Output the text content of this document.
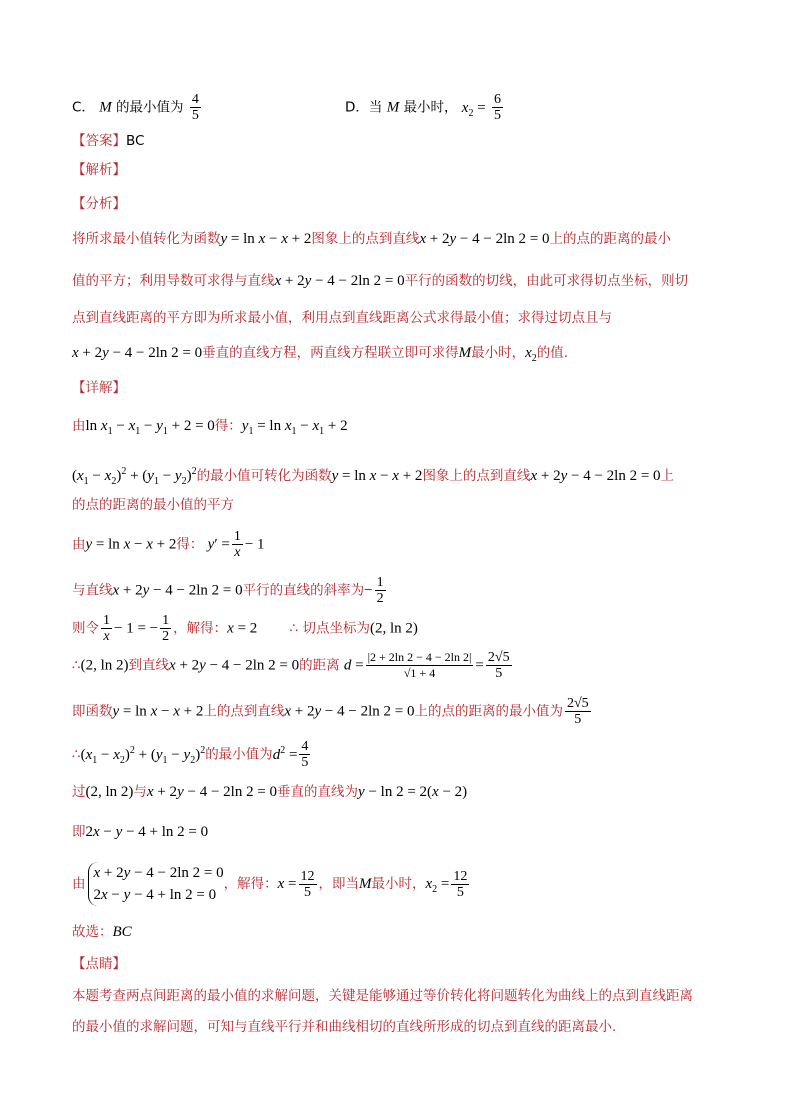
C． M 的最小值为 $\frac{4}{5}$	D．当 M 最小时， $x_2 = \frac{6}{5}$
【答案】BC
【解析】
【分析】
将所求最小值转化为函数y = ln x − x + 2图象上的点到直线x + 2y − 4 − 2ln 2 = 0上的点的距离的最小
值的平方；利用导数可求得与直线x + 2y − 4 − 2ln 2 = 0平行的函数的切线，由此可求得切点坐标，则切
点到直线距离的平方即为所求最小值，利用点到直线距离公式求得最小值；求得过切点且与
x + 2y − 4 − 2ln 2 = 0垂直的直线方程，两直线方程联立即可求得M最小时，$x_2$的值.
【详解】
由$\ln x_1 - x_1 - y_1 + 2 = 0$得：$y_1 = \ln x_1 - x_1 + 2$
$(x_1 - x_2)^2 + (y_1 - y_2)^2$的最小值可转化为函数y = ln x − x + 2图象上的点到直线x + 2y − 4 − 2ln 2 = 0上
的点的距离的最小值的平方
由y = ln x − x + 2得： $y' = \frac{1}{x} - 1$
与直线x + 2y − 4 − 2ln 2 = 0平行的直线的斜率为− $\frac{1}{2}$
则令 $\frac{1}{x} - 1$ = − $\frac{1}{2}$ ，解得：x = 2 ∴ 切点坐标为(2, ln 2)
∴(2, ln 2)到直线x + 2y − 4 − 2ln 2 = 0的距离 $d = \frac{|2 + 2\ln 2 - 4 - 2\ln 2|}{√1 + 4} = \frac{2√5}{5}$
即函数y = ln x − x + 2上的点到直线x + 2y − 4 − 2ln 2 = 0上的点的距离的最小值为 $\frac{2√5}{5}$
$\therefore(x_1 - x_2)^2 + (y_1 - y_2)^2$的最小值为$d^2 = \frac{4}{5}$
过(2, ln 2)与x + 2y − 4 − 2ln 2 = 0垂直的直线为y − ln 2 = 2(x − 2)
即2x − y − 4 + ln 2 = 0
由
x + 2y − 4 − 2ln 2 = 0
2x − y − 4 + ln 2 = 0
，解得：$x = \frac{12}{5}$ ，即当M最小时，$x_2 = \frac{12}{5}$
故选：BC
【点睛】
本题考查两点间距离的最小值的求解问题，关键是能够通过等价转化将问题转化为曲线上的点到直线距离
的最小值的求解问题，可知与直线平行并和曲线相切的直线所形成的切点到直线的距离最小.
